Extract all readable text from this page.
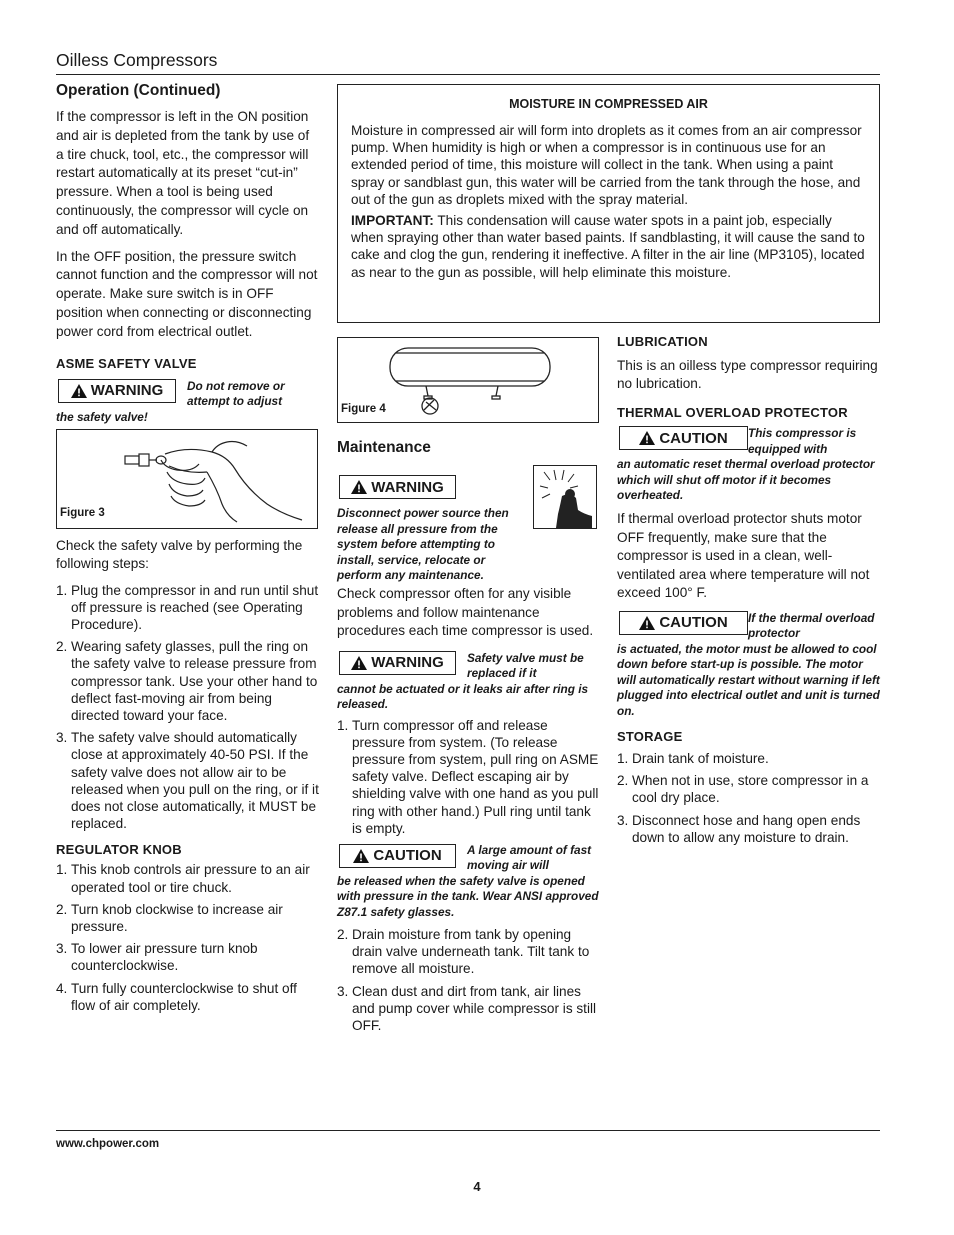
Oilless Compressors
Operation (Continued)

If the compressor is left in the ON position and air is depleted from the tank by use of a tire chuck, tool, etc., the compressor will restart automatically at its preset “cut-in” pressure. When a tool is being used continuously, the compressor will cycle on and off automatically.

In the OFF position, the pressure switch cannot function and the compressor will not operate. Make sure switch is in OFF position when connecting or disconnecting power cord from electrical outlet.

ASME SAFETY VALVE
WARNING Do not remove or attempt to adjust
the safety valve!
Figure 3

Check the safety valve by performing the following steps:

1. Plug the compressor in and run until shut off pressure is reached (see Operating Procedure).
2. Wearing safety glasses, pull the ring on the safety valve to release pressure from compressor tank. Use your other hand to deflect fast-moving air from being directed toward your face.
3. The safety valve should automatically close at approximately 40-50 PSI. If the safety valve does not allow air to be released when you pull on the ring, or if it does not close automatically, it MUST be replaced.
REGULATOR KNOB
1. This knob controls air pressure to an air operated tool or tire chuck.
2. Turn knob clockwise to increase air pressure.
3. To lower air pressure turn knob counterclockwise.
4. Turn fully counterclockwise to shut off flow of air completely.
MOISTURE IN COMPRESSED AIR

Moisture in compressed air will form into droplets as it comes from an air compressor pump. When humidity is high or when a compressor is in continuous use for an extended period of time, this moisture will collect in the tank. When using a paint spray or sandblast gun, this water will be carried from the tank through the hose, and out of the gun as droplets mixed with the spray material.

IMPORTANT: This condensation will cause water spots in a paint job, especially when spraying other than water based paints. If sandblasting, it will cause the sand to cake and clog the gun, rendering it ineffective. A filter in the air line (MP3105), located as near to the gun as possible, will help eliminate this moisture.

Figure 4
Maintenance
WARNING
Disconnect power source then release all pressure from the system before attempting to install, service, relocate or perform any maintenance.

Check compressor often for any visible problems and follow maintenance procedures each time compressor is used.

WARNING Safety valve must be replaced if it
cannot be actuated or it leaks air after ring is released.
1. Turn compressor off and release pressure from system. (To release pressure from system, pull ring on ASME safety valve. Deflect escaping air by shielding valve with one hand as you pull ring with other hand.) Pull ring until tank is empty.
CAUTION A large amount of fast moving air will
be released when the safety valve is opened with pressure in the tank. Wear ANSI approved Z87.1 safety glasses.
2. Drain moisture from tank by opening drain valve underneath tank. Tilt tank to remove all moisture.
3. Clean dust and dirt from tank, air lines and pump cover while compressor is still OFF.
LUBRICATION

This is an oilless type compressor requiring no lubrication.

THERMAL OVERLOAD PROTECTOR
CAUTION This compressor is equipped with
an automatic reset thermal overload protector which will shut off motor if it becomes overheated.

If thermal overload protector shuts motor OFF frequently, make sure that the compressor is used in a clean, well-ventilated area where temperature will not exceed 100° F.

CAUTION If the thermal overload protector
is actuated, the motor must be allowed to cool down before start-up is possible. The motor will automatically restart without warning if left plugged into electrical outlet and unit is turned on.
STORAGE
1. Drain tank of moisture.
2. When not in use, store compressor in a cool dry place.
3. Disconnect hose and hang open ends down to allow any moisture to drain.
www.chpower.com
4
